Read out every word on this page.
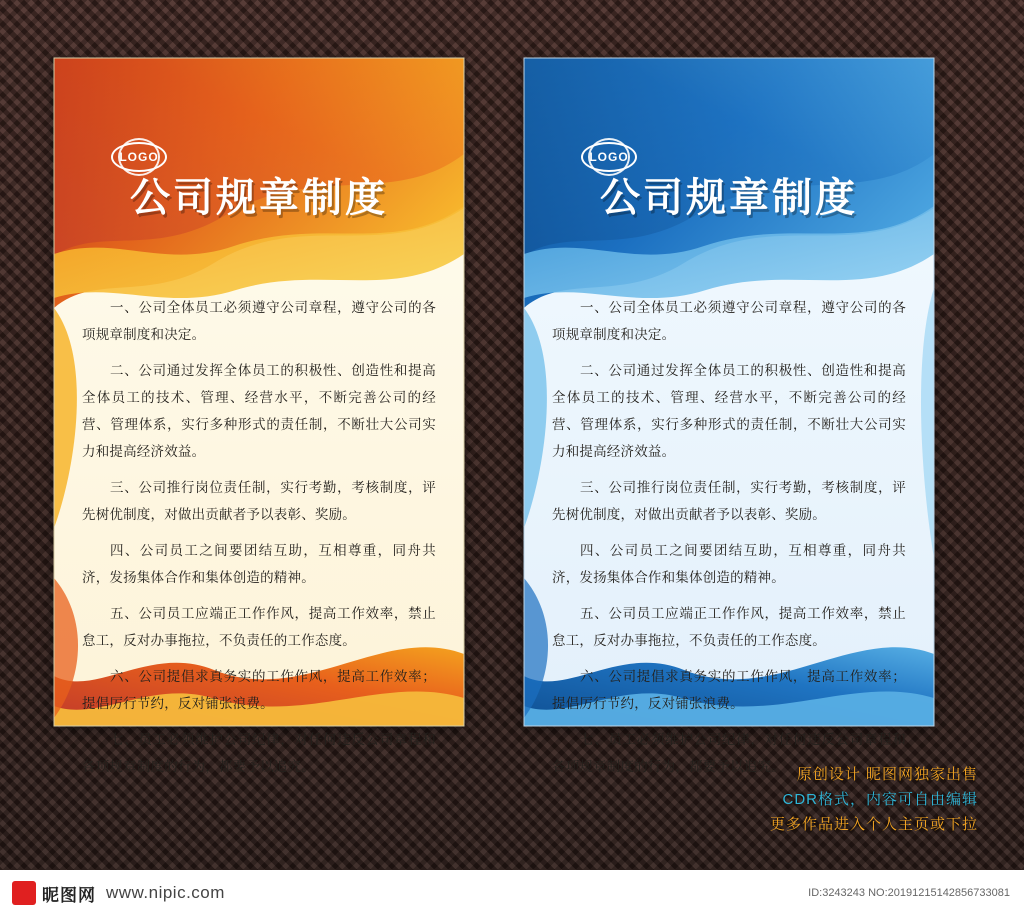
LOGO
公司规章制度

一、公司全体员工必须遵守公司章程，遵守公司的各项规章制度和决定。

二、公司通过发挥全体员工的积极性、创造性和提高全体员工的技术、管理、经营水平，不断完善公司的经营、管理体系，实行多种形式的责任制，不断壮大公司实力和提高经济效益。

三、公司推行岗位责任制，实行考勤，考核制度，评先树优制度，对做出贡献者予以表彰、奖励。

四、公司员工之间要团结互助，互相尊重，同舟共济，发扬集体合作和集体创造的精神。

五、公司员工应端正工作作风，提高工作效率，禁止怠工，反对办事拖拉，不负责任的工作态度。

六、公司提倡求真务实的工作作风，提高工作效率；提倡厉行节约，反对铺张浪费。

七、员工必须维护公司纪律，对任何违反公司章程和各项规章制度的行为，都要予以追究。

LOGO
公司规章制度

一、公司全体员工必须遵守公司章程，遵守公司的各项规章制度和决定。

二、公司通过发挥全体员工的积极性、创造性和提高全体员工的技术、管理、经营水平，不断完善公司的经营、管理体系，实行多种形式的责任制，不断壮大公司实力和提高经济效益。

三、公司推行岗位责任制，实行考勤，考核制度，评先树优制度，对做出贡献者予以表彰、奖励。

四、公司员工之间要团结互助，互相尊重，同舟共济，发扬集体合作和集体创造的精神。

五、公司员工应端正工作作风，提高工作效率，禁止怠工，反对办事拖拉，不负责任的工作态度。

六、公司提倡求真务实的工作作风，提高工作效率；提倡厉行节约，反对铺张浪费。

七、员工必须维护公司纪律，对任何违反公司章程和各项规章制度的行为，都要予以追究。 原创设计 昵图网独家出售
CDR格式，内容可自由编辑
更多作品进入个人主页或下拉
昵图网 www.nipic.com	ID:3243243 NO:20191215142856733081
